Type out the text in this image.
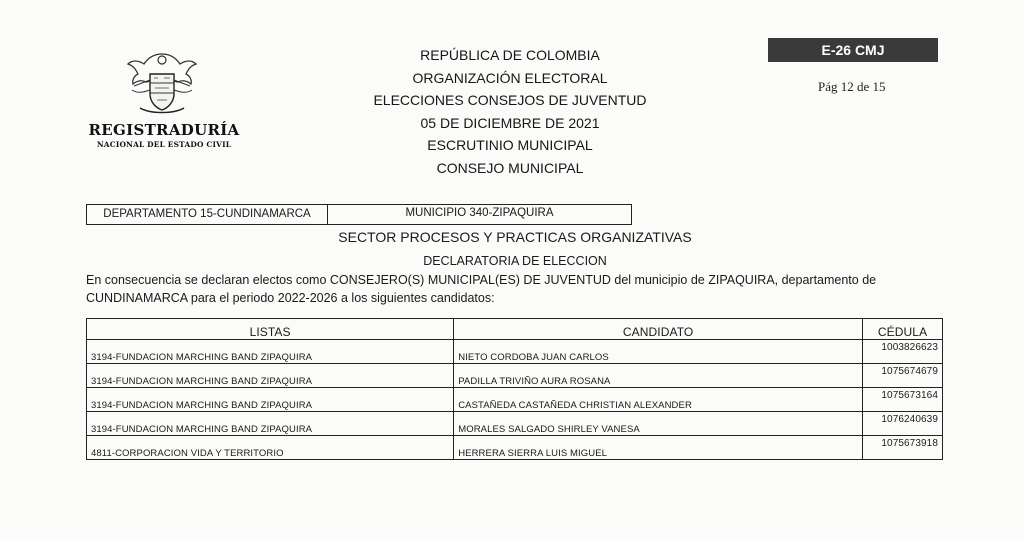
REGISTRADURÍA
NACIONAL DEL ESTADO CIVIL
REPÚBLICA DE COLOMBIA
ORGANIZACIÓN ELECTORAL
ELECCIONES CONSEJOS DE JUVENTUD
05 DE DICIEMBRE DE 2021
ESCRUTINIO MUNICIPAL
CONSEJO MUNICIPAL
E-26 CMJ
Pág 12 de 15
DEPARTAMENTO 15-CUNDINAMARCA	MUNICIPIO 340-ZIPAQUIRA
SECTOR PROCESOS Y PRACTICAS ORGANIZATIVAS
DECLARATORIA DE ELECCION
En consecuencia se declaran electos como CONSEJERO(S) MUNICIPAL(ES) DE JUVENTUD del municipio de ZIPAQUIRA, departamento de CUNDINAMARCA para el periodo 2022-2026 a los siguientes candidatos:
LISTAS	CANDIDATO	CÉDULA
3194-FUNDACION MARCHING BAND ZIPAQUIRA	NIETO CORDOBA JUAN CARLOS	1003826623
3194-FUNDACION MARCHING BAND ZIPAQUIRA	PADILLA TRIVIÑO AURA ROSANA	1075674679
3194-FUNDACION MARCHING BAND ZIPAQUIRA	CASTAÑEDA CASTAÑEDA CHRISTIAN ALEXANDER	1075673164
3194-FUNDACION MARCHING BAND ZIPAQUIRA	MORALES SALGADO SHIRLEY VANESA	1076240639
4811-CORPORACION VIDA Y TERRITORIO	HERRERA SIERRA LUIS MIGUEL	1075673918
